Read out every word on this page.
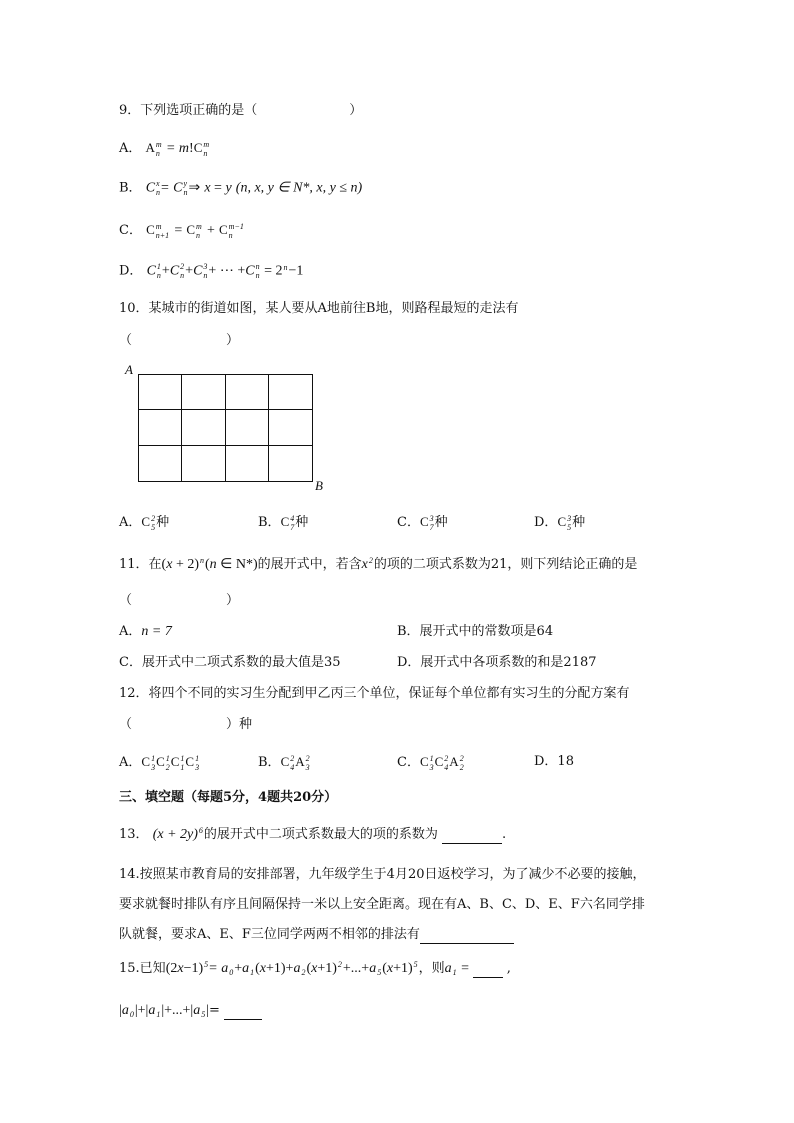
9．下列选项正确的是（	）
A． A m
n = m!C m
n
B． C x
n = C y
n ⇒ x = y (n, x, y ∈ N*, x, y ≤ n)
C． C m
n+1 = C m
n + C m−1
n
D． C 1
n +C 2
n +C 3
n + ⋯ +C n
n = 2 n −1
10．某城市的街道如图，某人要从A地前往B地，则路程最短的走法有
（	）
A
B
A．C 2
5 种	B．C 4
7 种	C．C 3
7 种	D．C 3
5 种
11．在(x + 2) n (n ∈ N*)的展开式中，若含x 2 的项的二项式系数为21，则下列结论正确的是
（	）
A．n = 7	B．展开式中的常数项是64
C．展开式中二项式系数的最大值是35	D．展开式中各项系数的和是2187
12．将四个不同的实习生分配到甲乙丙三个单位，保证每个单位都有实习生的分配方案有
（	）种
A．C 1
3 C 1
2 C 1
1 C 1
3	B．C 2
4 A 2
3	C．C 1
3 C 2
4 A 2
2	D．18
三、填空题（每题5分，4题共20分）
13． (x + 2y) 6 的展开式中二项式系数最大的项的系数为	.
14.按照某市教育局的安排部署，九年级学生于4月20日返校学习，为了减少不必要的接触，
要求就餐时排队有序且间隔保持一米以上安全距离。现在有A、B、C、D、E、F六名同学排
队就餐，要求A、E、F三位同学两两不相邻的排法有
15.已知(2x−1) 5 = a 0 +a 1 (x+1)+a 2 (x+1) 2 +...+a 5 (x+1) 5 ，则a 1 =  ,
|a 0 |+|a 1 |+...+|a 5 |=
